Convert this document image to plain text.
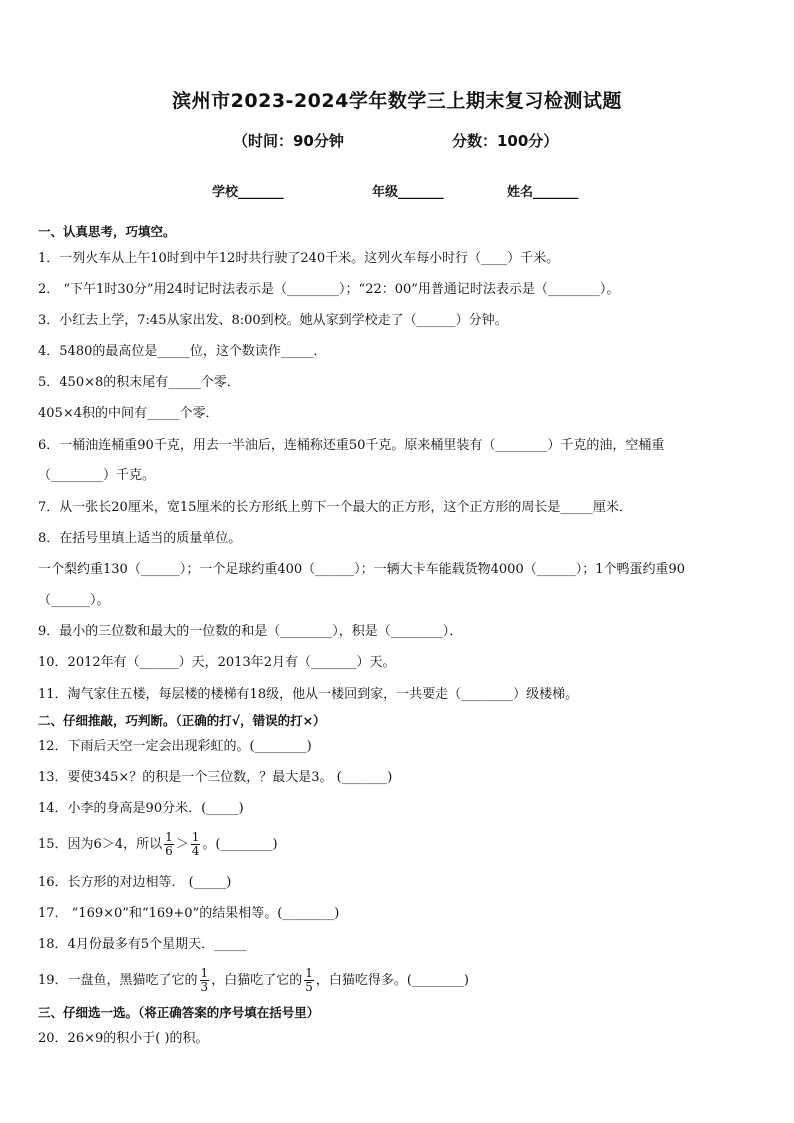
滨州市2023-2024学年数学三上期末复习检测试题
（时间：90分钟	分数：100分）
学校_______	年级_______	姓名_______
一、认真思考，巧填空。
1．一列火车从上午10时到中午12时共行驶了240千米。这列火车每小时行（____）千米。
2． “下午1时30分”用24时记时法表示是（________）；“22：00”用普通记时法表示是（________）。
3．小红去上学，7:45从家出发、8:00到校。她从家到学校走了（______）分钟。
4．5480的最高位是_____位，这个数读作_____．
5．450×8的积末尾有_____个零．
405×4积的中间有_____个零．
6．一桶油连桶重90千克，用去一半油后，连桶称还重50千克。原来桶里装有（________）千克的油，空桶重
（________）千克。
7．从一张长20厘米，宽15厘米的长方形纸上剪下一个最大的正方形，这个正方形的周长是_____厘米．
8．在括号里填上适当的质量单位。
一个梨约重130（______）；一个足球约重400（______）；一辆大卡车能载货物4000（______）；1个鸭蛋约重90
（______）。
9．最小的三位数和最大的一位数的和是（________），积是（________）．
10．2012年有（______）天，2013年2月有（_______）天。
11．淘气家住五楼，每层楼的楼梯有18级，他从一楼回到家，一共要走（________）级楼梯。
二、仔细推敲，巧判断。（正确的打√，错误的打×）
12．下雨后天空一定会出现彩虹的。(________)
13．要使345×？的积是一个三位数，？最大是3。 (_______)
14．小李的身高是90分米．(_____)
15．因为6＞4，所以 $\frac{1}{6} > \frac{1}{4}$ 。(________)
16．长方形的对边相等． (_____)
17． “169×0”和“169+0”的结果相等。(________)
18．4月份最多有5个星期天．_____
19．一盘鱼，黑猫吃了它的 $\frac{1}{3}$ ，白猫吃了它的 $\frac{1}{5}$ ，白猫吃得多。(________)
三、仔细选一选。（将正确答案的序号填在括号里）
20．26×9的积小于( )的积。
